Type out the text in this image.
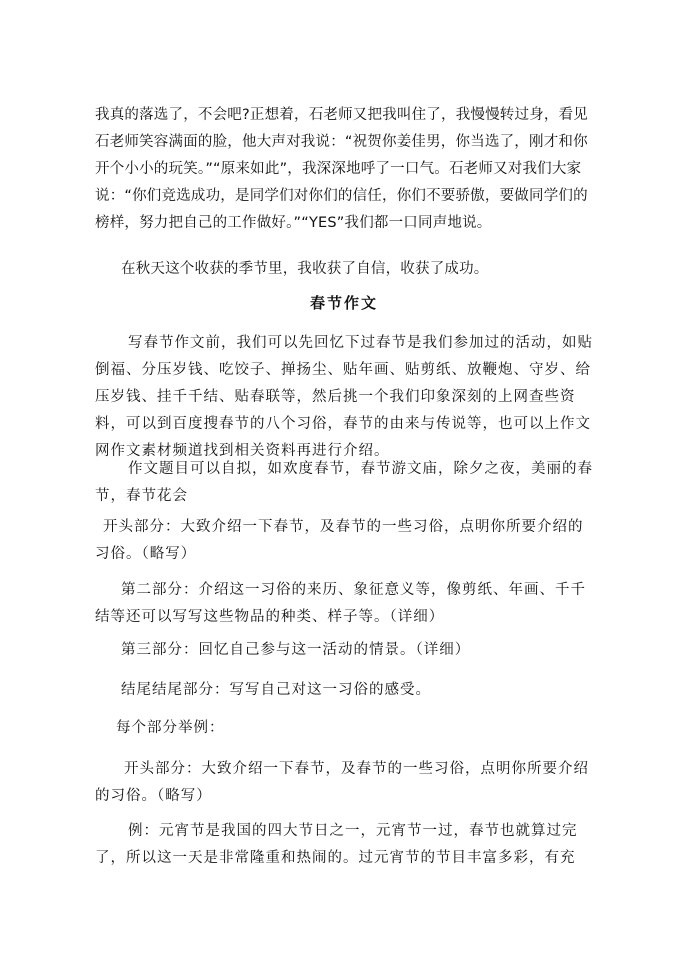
我真的落选了，不会吧?正想着，石老师又把我叫住了，我慢慢转过身，看见石老师笑容满面的脸，他大声对我说：“祝贺你姜佳男，你当选了，刚才和你开个小小的玩笑。”“原来如此”，我深深地呼了一口气。石老师又对我们大家说：“你们竞选成功，是同学们对你们的信任，你们不要骄傲，要做同学们的榜样，努力把自己的工作做好。”“YES”我们都一口同声地说。
在秋天这个收获的季节里，我收获了自信，收获了成功。
春节作文
写春节作文前，我们可以先回忆下过春节是我们参加过的活动，如贴倒福、分压岁钱、吃饺子、掸扬尘、贴年画、贴剪纸、放鞭炮、守岁、给压岁钱、挂千千结、贴春联等，然后挑一个我们印象深刻的上网查些资料，可以到百度搜春节的八个习俗，春节的由来与传说等，也可以上作文网作文素材频道找到相关资料再进行介绍。
作文题目可以自拟，如欢度春节，春节游文庙，除夕之夜，美丽的春节，春节花会
开头部分：大致介绍一下春节，及春节的一些习俗，点明你所要介绍的习俗。（略写）
第二部分：介绍这一习俗的来历、象征意义等，像剪纸、年画、千千结等还可以写写这些物品的种类、样子等。（详细）
第三部分：回忆自己参与这一活动的情景。（详细）
结尾结尾部分：写写自己对这一习俗的感受。
每个部分举例：
开头部分：大致介绍一下春节，及春节的一些习俗，点明你所要介绍的习俗。（略写）
例：元宵节是我国的四大节日之一，元宵节一过，春节也就算过完了，所以这一天是非常隆重和热闹的。过元宵节的节目丰富多彩，有充
